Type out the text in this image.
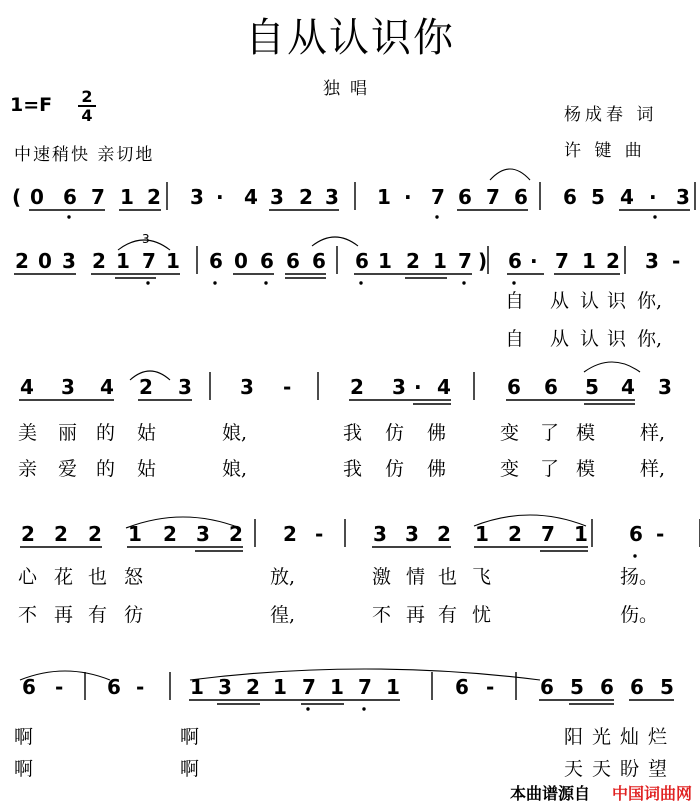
自从认识你
独唱
$1=F \frac{2}{4}$
中速稍快 亲切地
杨成春 词
许 键 曲
( 0 6 7 1 2 3 · 4 3 2 3 1 · 7 6 7 6 6 5 4 · 3
2 0 3 2 1 7 1 6 0 6 6 6 6 1 2 1 7 ) 6 · 7 1 2 3 -
4 3 4 2 3 3 -	2 3 · 4	6 6 5 4 3
2 2 2 1 2 3 2 2 - 3 3 2 1 2 7 1 6 -
6 - 6 - 1 3 2 1 7 1 7 1	6 - 6 5 6 6 5
3
本曲谱源自 中国词曲网
自 从 认 识 你,
自 从 认 识 你,
美 丽 的 姑	娘,	我 仿 佛	变 了 模 样,
亲 爱 的 姑	娘,	我 仿 佛	变 了 模 样,
心 花 也 怒	放,	激 情 也 飞	扬。
不 再 有 彷	徨,	不 再 有 忧	伤。
啊	啊	阳 光 灿 烂
啊	啊	天 天 盼 望
